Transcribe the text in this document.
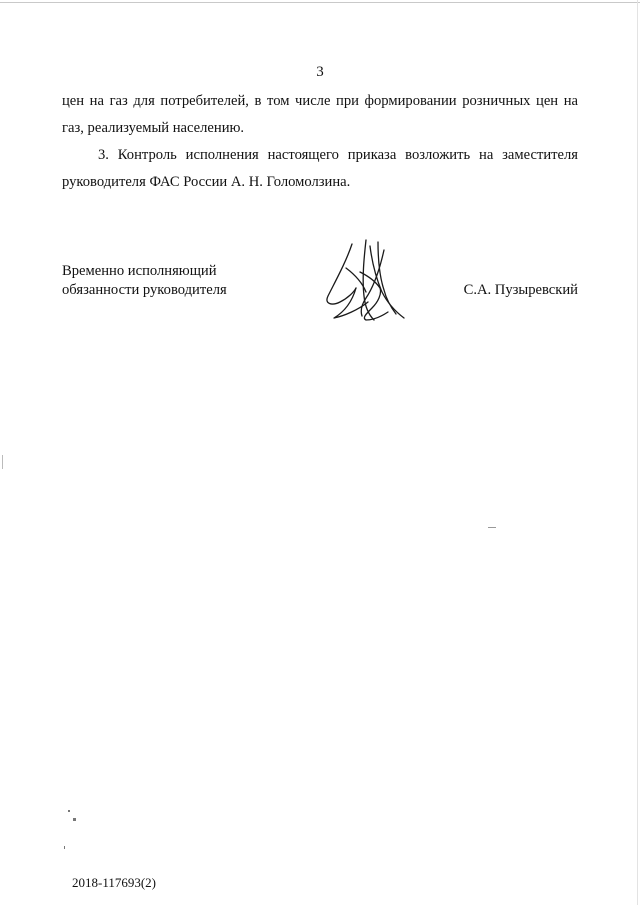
3

цен на газ для потребителей, в том числе при формировании розничных цен на
газ, реализуемый населению.

3. Контроль исполнения настоящего приказа возложить на заместителя
руководителя ФАС России А. Н. Голомолзина.

Временно исполняющий
обязанности руководителя	С.А. Пузыревский
2018-117693(2)
